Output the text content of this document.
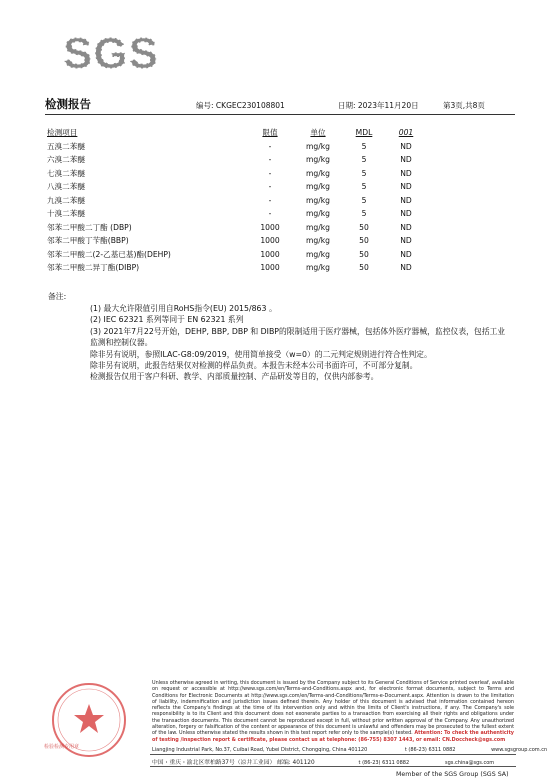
SGS
检测报告	编号: CKGEC230108801	日期: 2023年11月20日	第3页,共8页
检测项目	限值	单位	MDL	001
五溴二苯醚	-	mg/kg	5	ND
六溴二苯醚	-	mg/kg	5	ND
七溴二苯醚	-	mg/kg	5	ND
八溴二苯醚	-	mg/kg	5	ND
九溴二苯醚	-	mg/kg	5	ND
十溴二苯醚	-	mg/kg	5	ND
邻苯二甲酸二丁酯 (DBP)	1000	mg/kg	50	ND
邻苯二甲酸丁苄酯(BBP)	1000	mg/kg	50	ND
邻苯二甲酸二(2-乙基已基)酯(DEHP)	1000	mg/kg	50	ND
邻苯二甲酸二异丁酯(DIBP)	1000	mg/kg	50	ND
备注:
(1) 最大允许限值引用自RoHS指令(EU) 2015/863 。
(2) IEC 62321 系列等同于 EN 62321 系列
(3) 2021年7月22号开始，DEHP, BBP, DBP 和 DIBP的限制适用于医疗器械，包括体外医疗器械，监控仪表，包括工业监测和控制仪器。
除非另有说明，参照ILAC-G8:09/2019，使用简单接受（w=0）的二元判定规则进行符合性判定。
除非另有说明，此报告结果仅对检测的样品负责。本报告未经本公司书面许可，不可部分复制。
检测报告仅用于客户科研、教学、内部质量控制、产品研发等目的，仅供内部参考。
检验检测专用章
Unless otherwise agreed in writing, this document is issued by the Company subject to its General Conditions of Service printed overleaf, available on request or accessible at http://www.sgs.com/en/Terms-and-Conditions.aspx and, for electronic format documents, subject to Terms and Conditions for Electronic Documents at http://www.sgs.com/en/Terms-and-Conditions/Terms-e-Document.aspx. Attention is drawn to the limitation of liability, indemnification and jurisdiction issues defined therein. Any holder of this document is advised that information contained hereon reflects the Company's findings at the time of its intervention only and within the limits of Client's instructions, if any. The Company's sole responsibility is to its Client and this document does not exonerate parties to a transaction from exercising all their rights and obligations under the transaction documents. This document cannot be reproduced except in full, without prior written approval of the Company. Any unauthorized alteration, forgery or falsification of the content or appearance of this document is unlawful and offenders may be prosecuted to the fullest extent of the law. Unless otherwise stated the results shown in this test report refer only to the sample(s) tested. Attention: To check the authenticity of testing /inspection report & certificate, please contact us at telephone: (86-755) 8307 1443, or email: CN.Doccheck@sgs.com
Liangjing Industrial Park, No.37, Cuibai Road, Yubei District, Chongqing, China 401120	t (86-23) 6311 0882	www.sgsgroup.com.cn
中国・重庆・渝北区翠柏路37号（凉井工业园） 邮编: 401120	t (86-23) 6311 0882	sgs.china@sgs.com
Member of the SGS Group (SGS SA)
